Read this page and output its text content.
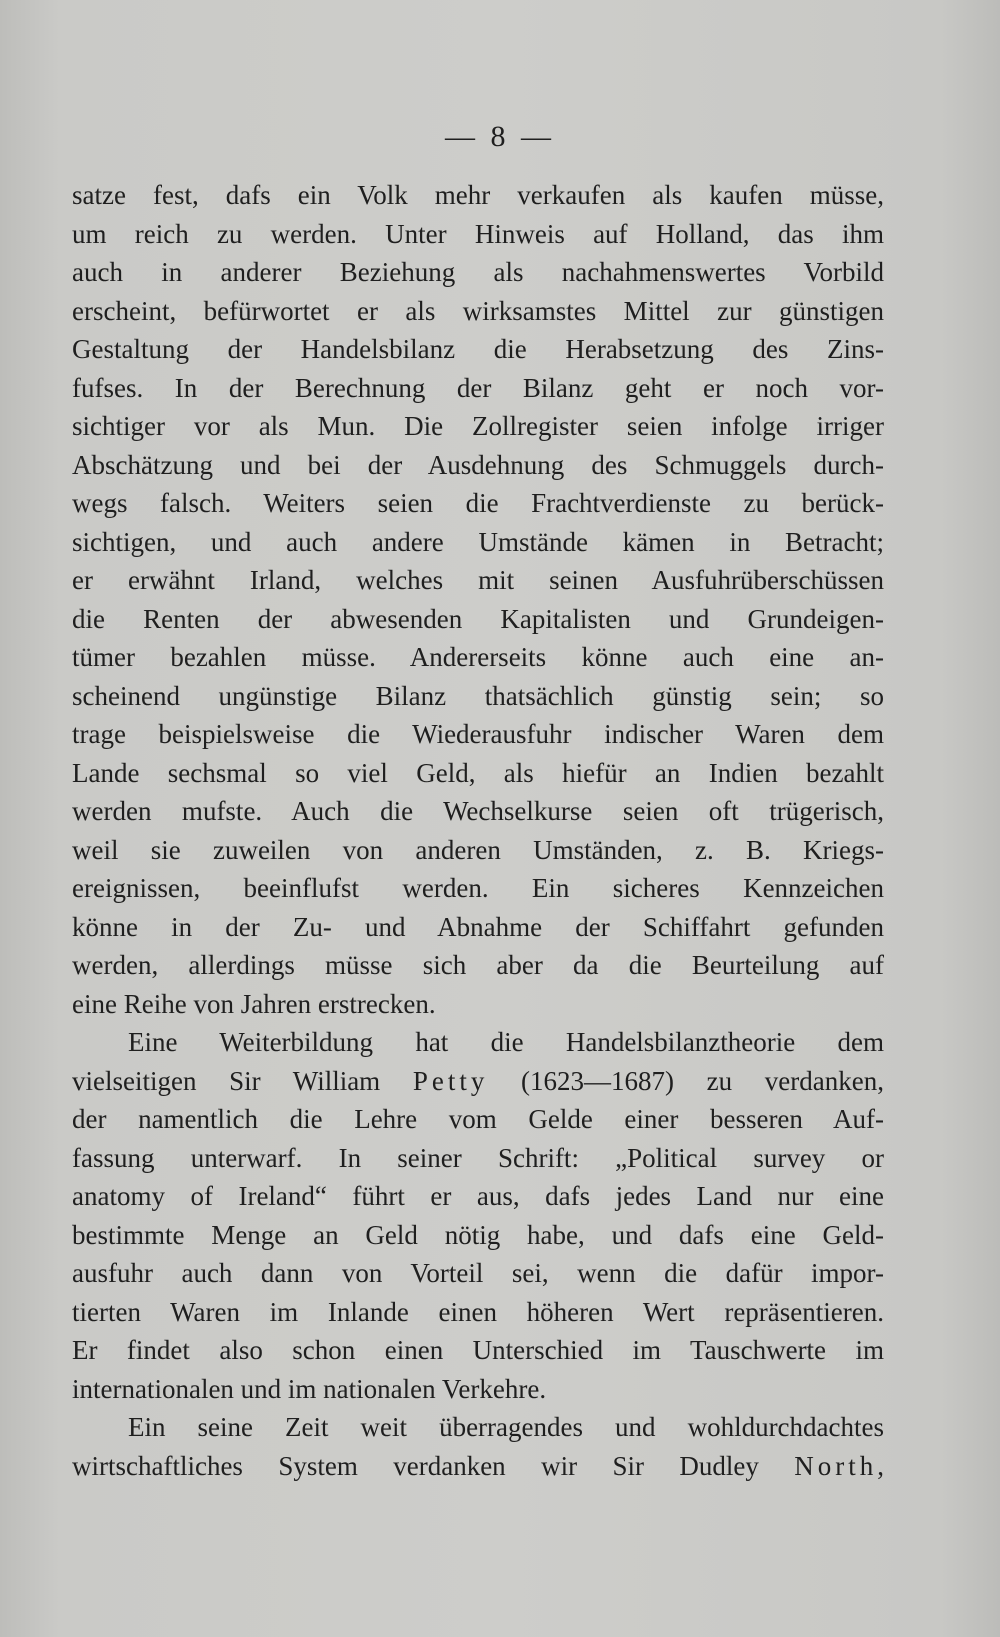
— 8 —
satze fest, dafs ein Volk mehr verkaufen als kaufen müsse,
um reich zu werden. Unter Hinweis auf Holland, das ihm
auch in anderer Beziehung als nachahmenswertes Vorbild
erscheint, befürwortet er als wirksamstes Mittel zur günstigen
Gestaltung der Handelsbilanz die Herabsetzung des Zins-
fufses. In der Berechnung der Bilanz geht er noch vor-
sichtiger vor als Mun. Die Zollregister seien infolge irriger
Abschätzung und bei der Ausdehnung des Schmuggels durch-
wegs falsch. Weiters seien die Frachtverdienste zu berück-
sichtigen, und auch andere Umstände kämen in Betracht;
er erwähnt Irland, welches mit seinen Ausfuhrüberschüssen
die Renten der abwesenden Kapitalisten und Grundeigen-
tümer bezahlen müsse. Andererseits könne auch eine an-
scheinend ungünstige Bilanz thatsächlich günstig sein; so
trage beispielsweise die Wiederausfuhr indischer Waren dem
Lande sechsmal so viel Geld, als hiefür an Indien bezahlt
werden mufste. Auch die Wechselkurse seien oft trügerisch,
weil sie zuweilen von anderen Umständen, z. B. Kriegs-
ereignissen, beeinflufst werden. Ein sicheres Kennzeichen
könne in der Zu- und Abnahme der Schiffahrt gefunden
werden, allerdings müsse sich aber da die Beurteilung auf
eine Reihe von Jahren erstrecken.
Eine Weiterbildung hat die Handelsbilanztheorie dem
vielseitigen Sir William Petty (1623—1687) zu verdanken,
der namentlich die Lehre vom Gelde einer besseren Auf-
fassung unterwarf. In seiner Schrift: „Political survey or
anatomy of Ireland“ führt er aus, dafs jedes Land nur eine
bestimmte Menge an Geld nötig habe, und dafs eine Geld-
ausfuhr auch dann von Vorteil sei, wenn die dafür impor-
tierten Waren im Inlande einen höheren Wert repräsentieren.
Er findet also schon einen Unterschied im Tauschwerte im
internationalen und im nationalen Verkehre.
Ein seine Zeit weit überragendes und wohldurchdachtes
wirtschaftliches System verdanken wir Sir Dudley North,
